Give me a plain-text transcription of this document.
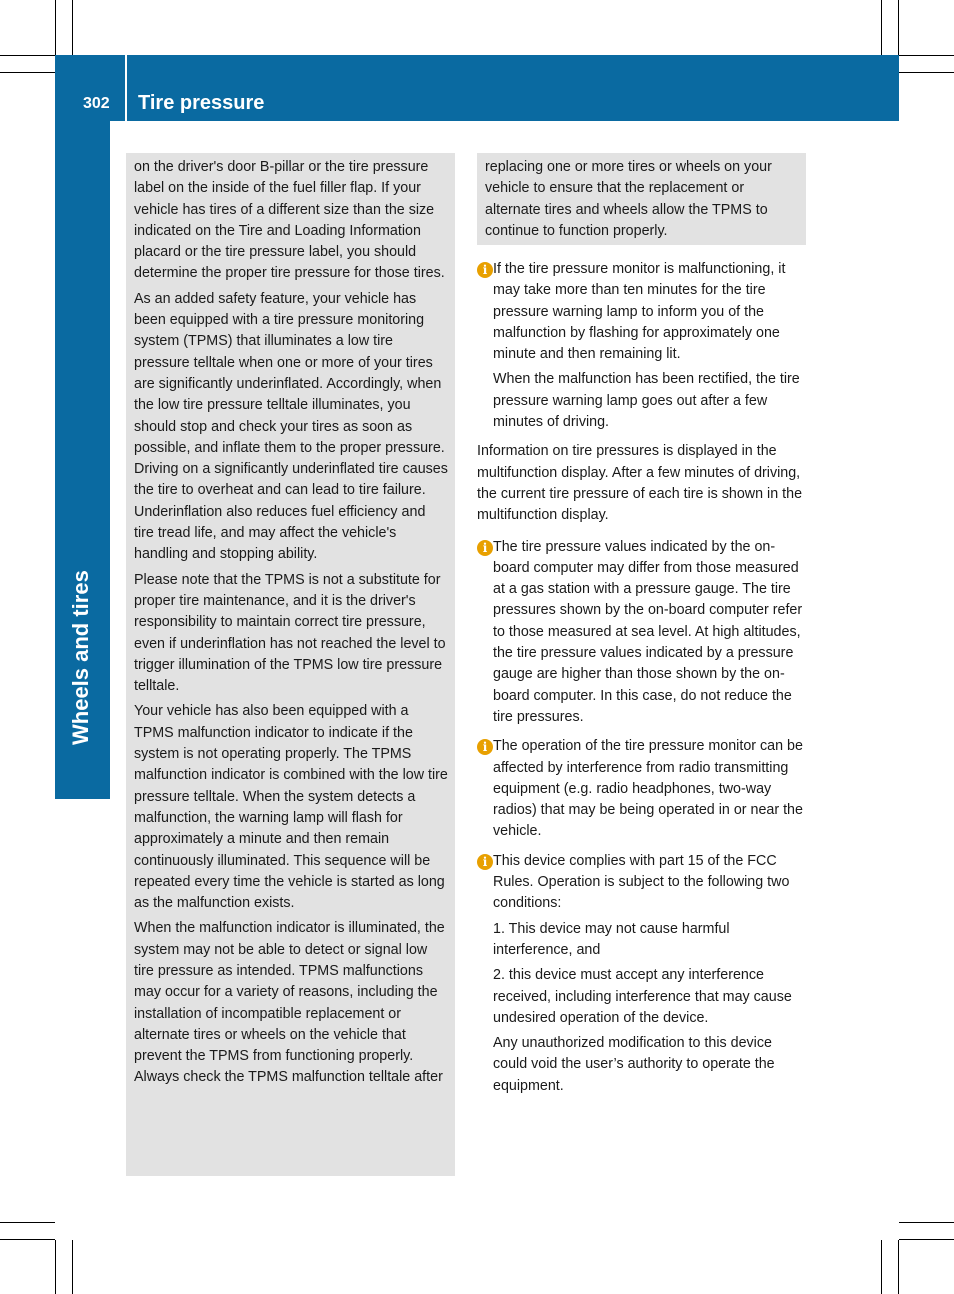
302 Tire pressure
Wheels and tires

on the driver's door B-pillar or the tire pressure label on the inside of the fuel filler flap. If your vehicle has tires of a different size than the size indicated on the Tire and Loading Information placard or the tire pressure label, you should determine the proper tire pressure for those tires.

As an added safety feature, your vehicle has been equipped with a tire pressure monitoring system (TPMS) that illuminates a low tire pressure telltale when one or more of your tires are significantly underinflated. Accordingly, when the low tire pressure telltale illuminates, you should stop and check your tires as soon as possible, and inflate them to the proper pressure. Driving on a significantly underinflated tire causes the tire to overheat and can lead to tire failure. Underinflation also reduces fuel efficiency and tire tread life, and may affect the vehicle's handling and stopping ability.

Please note that the TPMS is not a substitute for proper tire maintenance, and it is the driver's responsibility to maintain correct tire pressure, even if underinflation has not reached the level to trigger illumination of the TPMS low tire pressure telltale.

Your vehicle has also been equipped with a TPMS malfunction indicator to indicate if the system is not operating properly. The TPMS malfunction indicator is combined with the low tire pressure telltale. When the system detects a malfunction, the warning lamp will flash for approximately a minute and then remain continuously illuminated. This sequence will be repeated every time the vehicle is started as long as the malfunction exists.

When the malfunction indicator is illuminated, the system may not be able to detect or signal low tire pressure as intended. TPMS malfunctions may occur for a variety of reasons, including the installation of incompatible replacement or alternate tires or wheels on the vehicle that prevent the TPMS from functioning properly. Always check the TPMS malfunction telltale after

replacing one or more tires or wheels on your vehicle to ensure that the replacement or alternate tires and wheels allow the TPMS to continue to function properly.

i If the tire pressure monitor is malfunctioning, it may take more than ten minutes for the tire pressure warning lamp to inform you of the malfunction by flashing for approximately one minute and then remaining lit.

When the malfunction has been rectified, the tire pressure warning lamp goes out after a few minutes of driving.

Information on tire pressures is displayed in the multifunction display. After a few minutes of driving, the current tire pressure of each tire is shown in the multifunction display.

i The tire pressure values indicated by the on-board computer may differ from those measured at a gas station with a pressure gauge. The tire pressures shown by the on-board computer refer to those measured at sea level. At high altitudes, the tire pressure values indicated by a pressure gauge are higher than those shown by the on-board computer. In this case, do not reduce the tire pressures.
i The operation of the tire pressure monitor can be affected by interference from radio transmitting equipment (e.g. radio headphones, two-way radios) that may be being operated in or near the vehicle.
i This device complies with part 15 of the FCC Rules. Operation is subject to the following two conditions:

1. This device may not cause harmful interference, and

2. this device must accept any interference received, including interference that may cause undesired operation of the device.

Any unauthorized modification to this device could void the user’s authority to operate the equipment.
